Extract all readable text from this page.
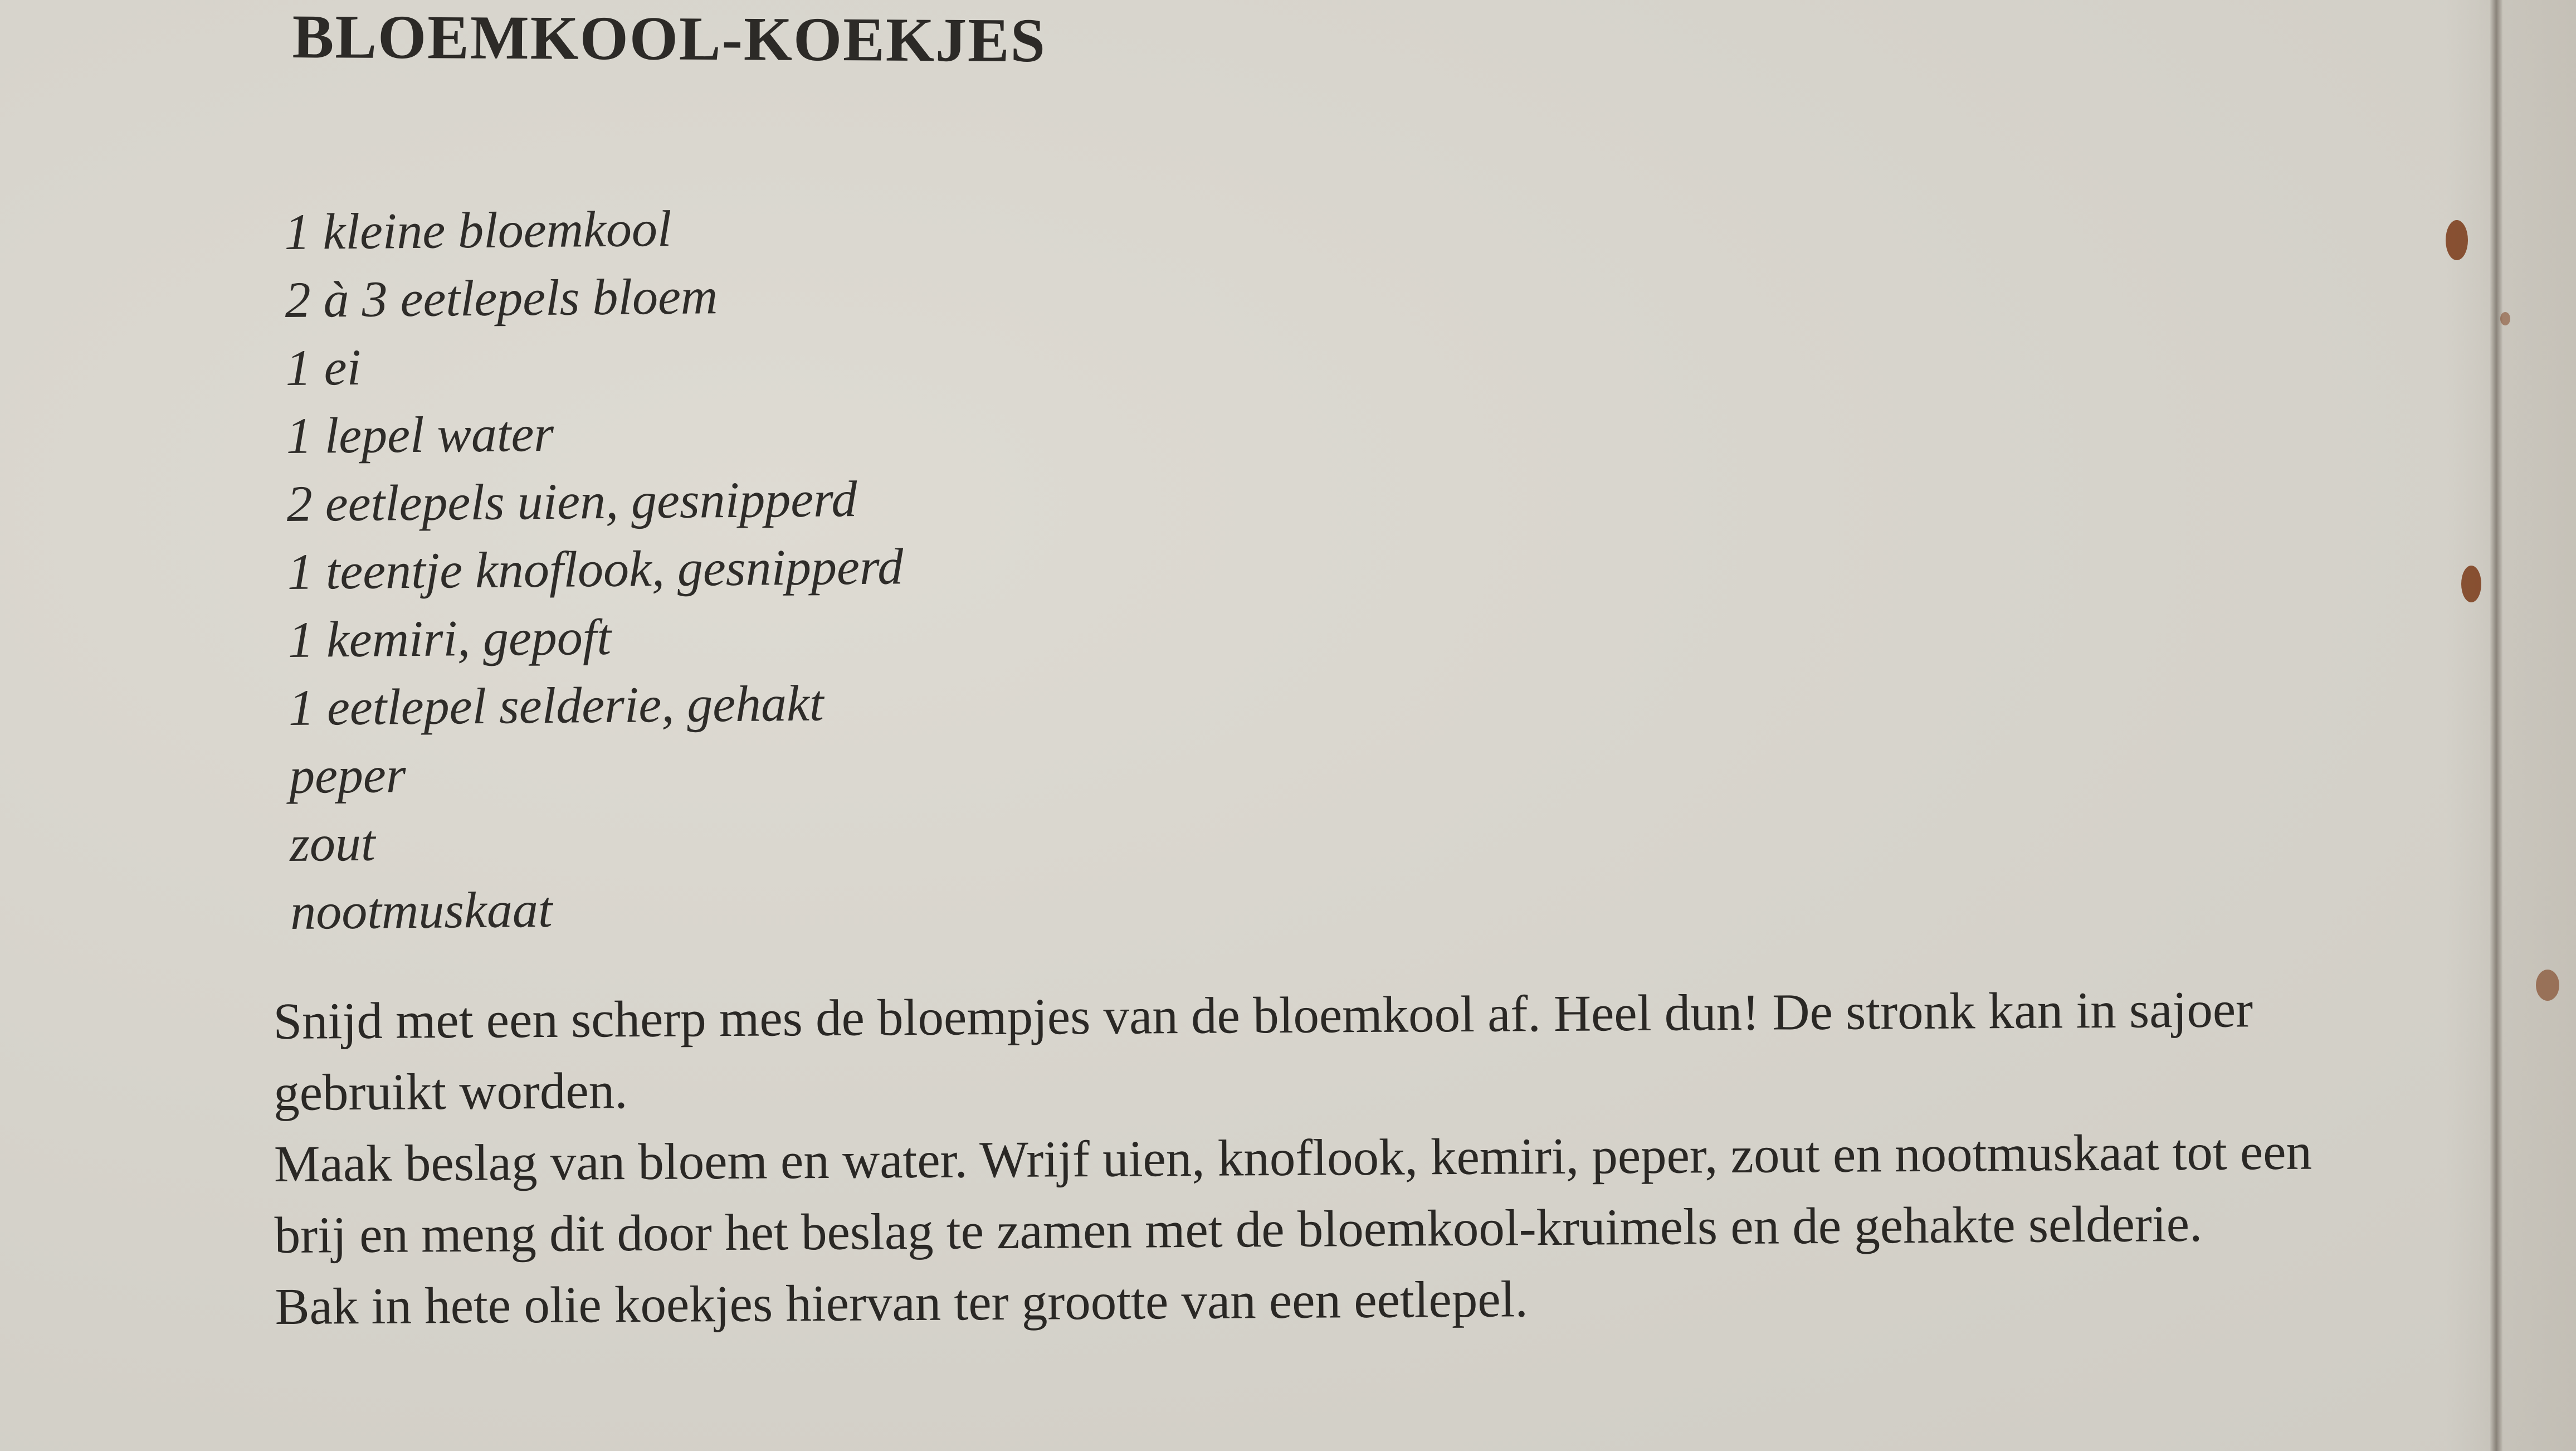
BLOEMKOOL-KOEKJES
1 kleine bloemkool
2 à 3 eetlepels bloem
1 ei
1 lepel water
2 eetlepels uien, gesnipperd
1 teentje knoflook, gesnipperd
1 kemiri, gepoft
1 eetlepel selderie, gehakt
peper
zout
nootmuskaat

Snijd met een scherp mes de bloempjes van de bloemkool af. Heel dun! De stronk kan in sajoer gebruikt worden.

Maak beslag van bloem en water. Wrijf uien, knoflook, kemiri, peper, zout en nootmuskaat tot een brij en meng dit door het beslag te zamen met de bloemkool-kruimels en de gehakte selderie.

Bak in hete olie koekjes hiervan ter grootte van een eetlepel.
